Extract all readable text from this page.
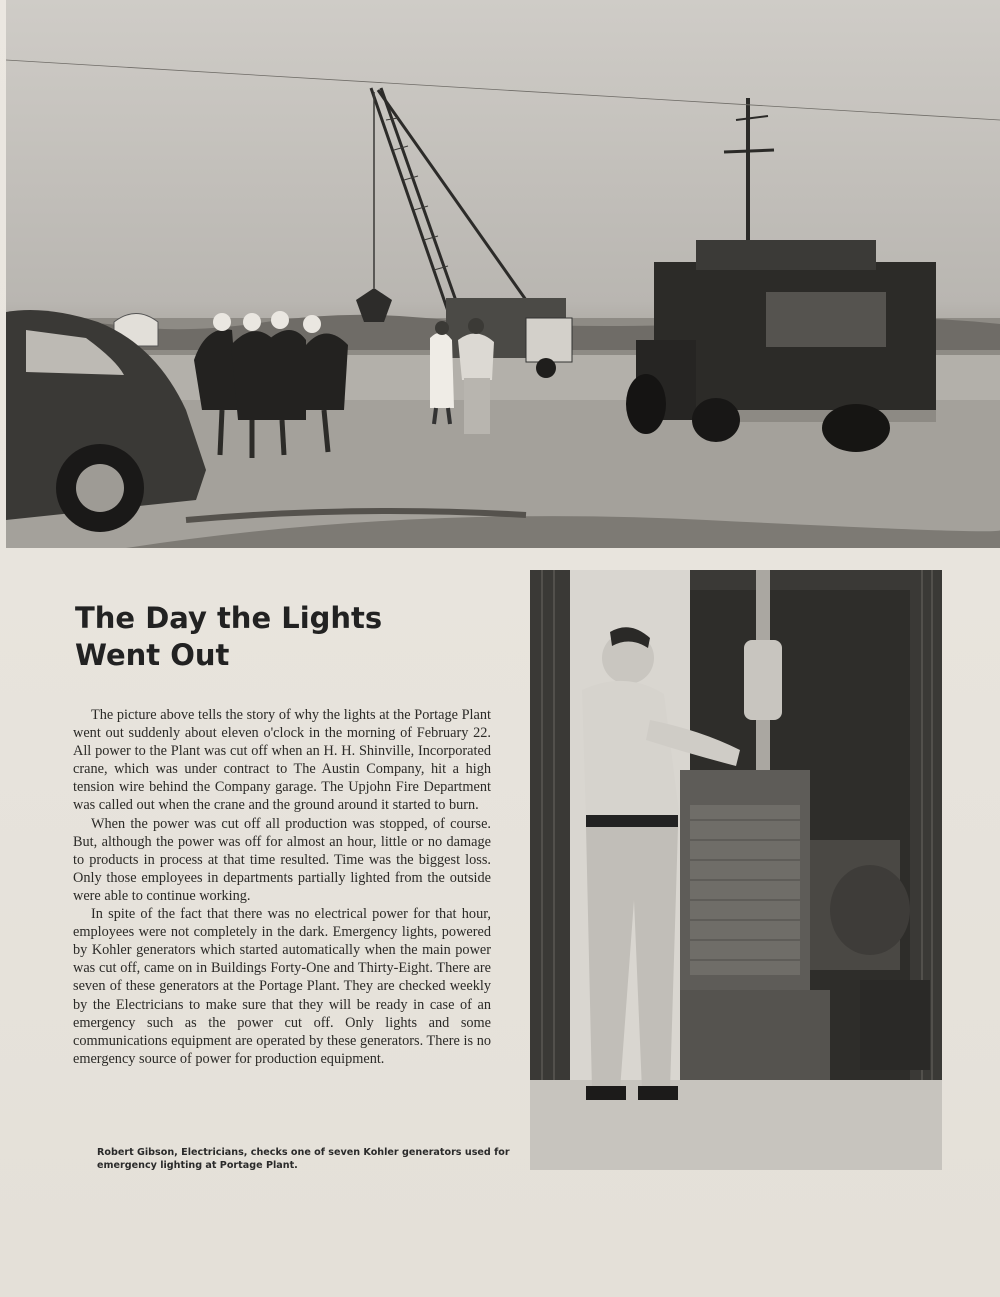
The Day the Lights
Went Out

The picture above tells the story of why the lights at the Portage Plant went out suddenly about eleven o'clock in the morning of February 22. All power to the Plant was cut off when an H. H. Shinville, Incorporated crane, which was under contract to The Austin Company, hit a high tension wire behind the Company garage. The Upjohn Fire Department was called out when the crane and the ground around it started to burn.

When the power was cut off all production was stopped, of course. But, although the power was off for almost an hour, little or no damage to products in process at that time resulted. Time was the biggest loss. Only those employees in departments partially lighted from the outside were able to continue working.

In spite of the fact that there was no electrical power for that hour, employees were not completely in the dark. Emergency lights, powered by Kohler generators which started automatically when the main power was cut off, came on in Buildings Forty-One and Thirty-Eight. There are seven of these generators at the Portage Plant. They are checked weekly by the Electricians to make sure that they will be ready in case of an emergency such as the power cut off. Only lights and some communications equipment are operated by these generators. There is no emergency source of power for production equipment.

Robert Gibson, Electricians, checks one of seven Kohler generators used for emergency lighting at Portage Plant.
